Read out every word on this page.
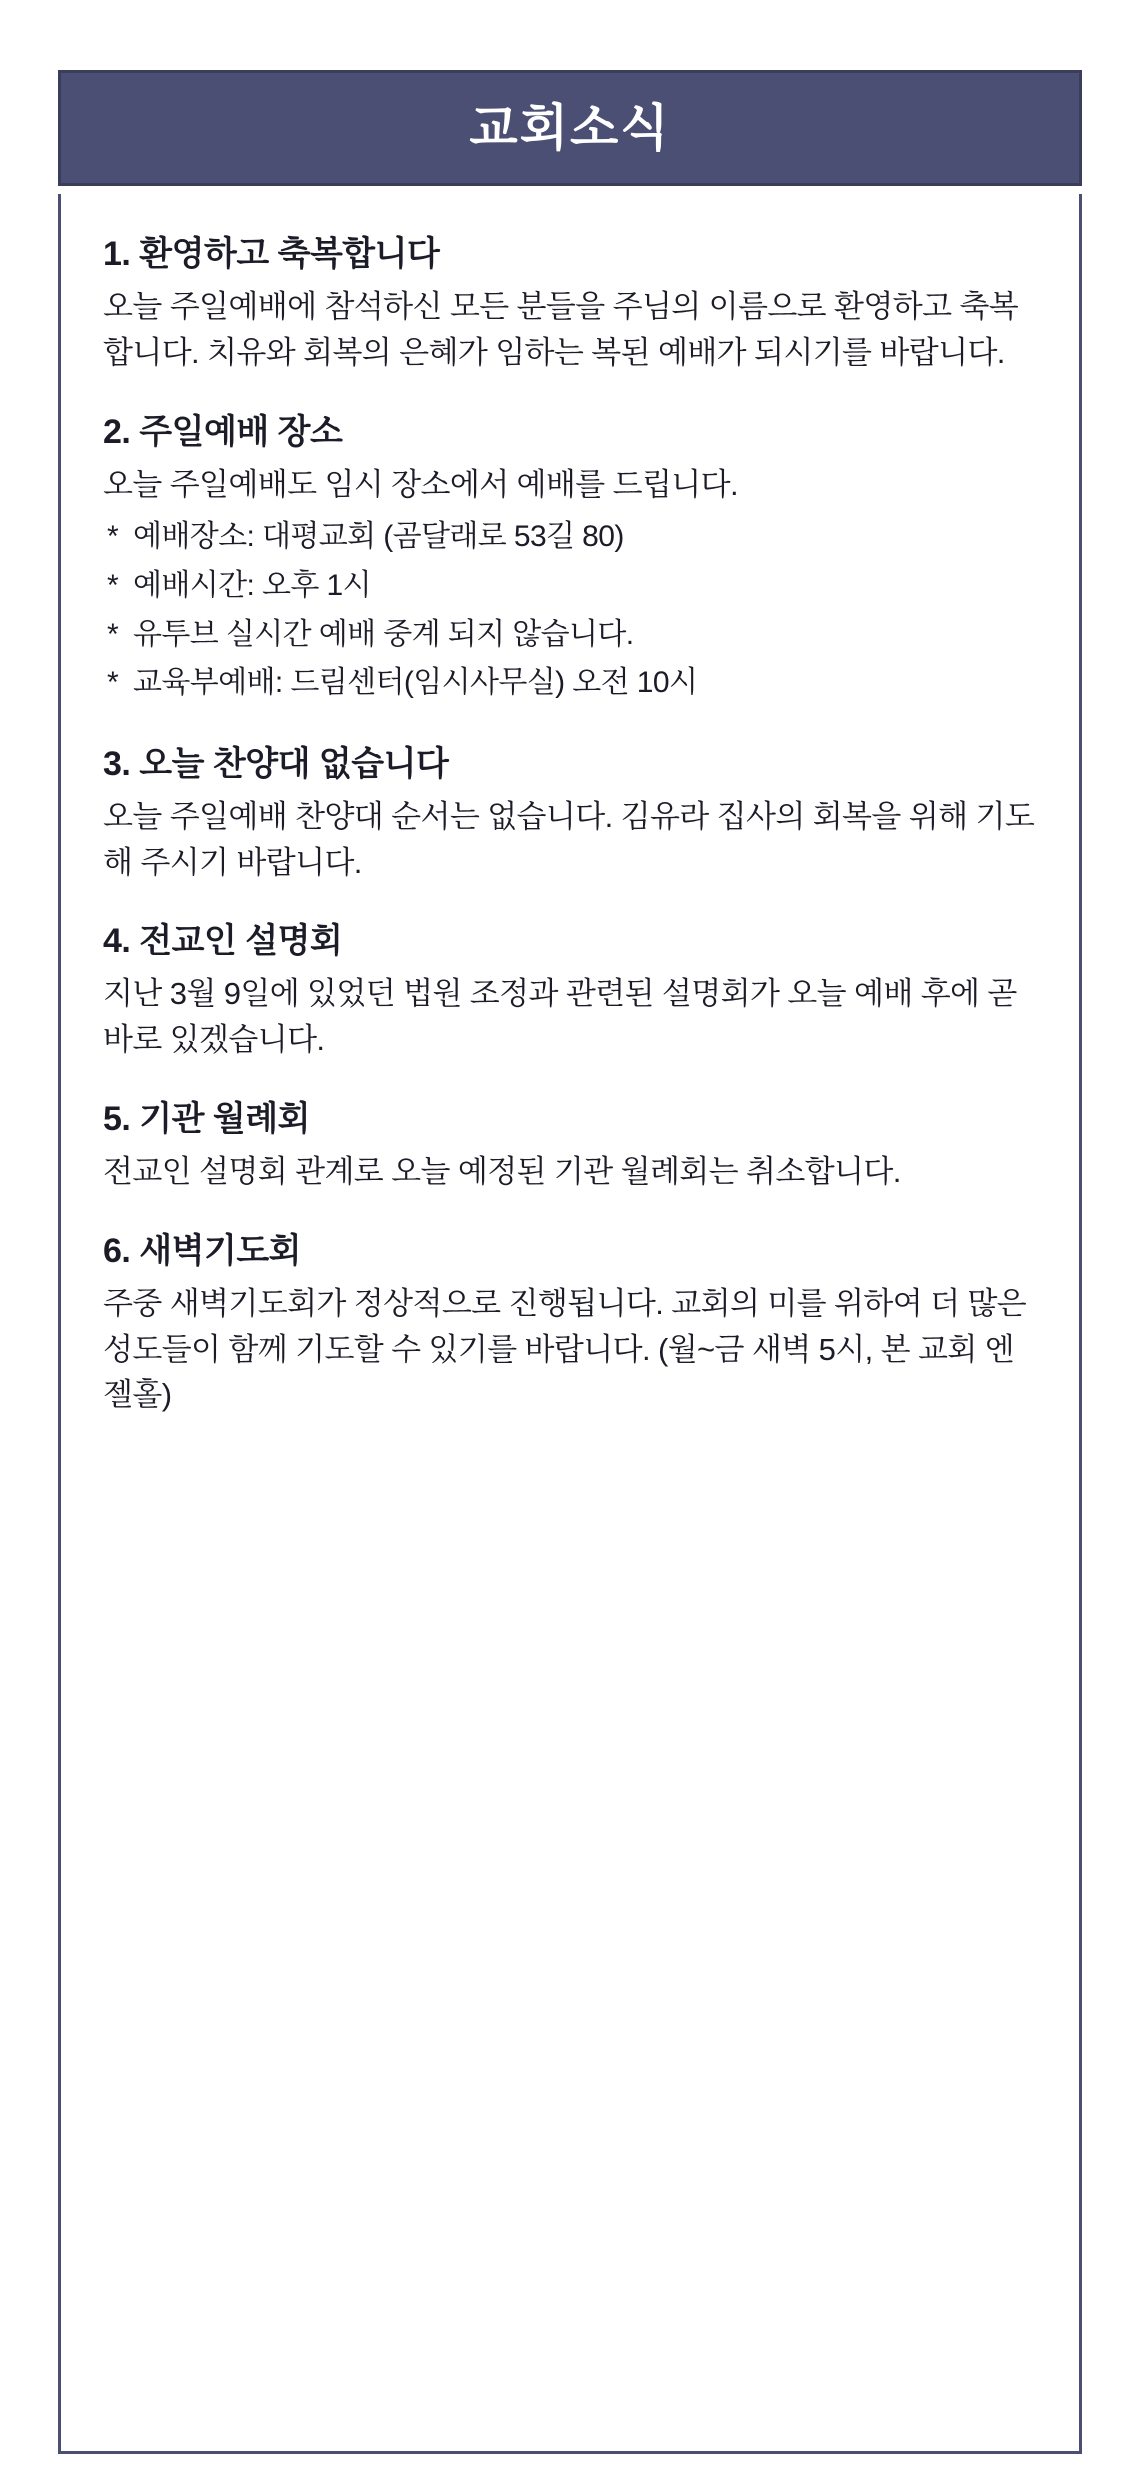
교회소식
1. 환영하고 축복합니다

오늘 주일예배에 참석하신 모든 분들을 주님의 이름으로 환영하고 축복합니다. 치유와 회복의 은혜가 임하는 복된 예배가 되시기를 바랍니다.

2. 주일예배 장소

오늘 주일예배도 임시 장소에서 예배를 드립니다.

* 예배장소: 대평교회 (곰달래로 53길 80)
* 예배시간: 오후 1시
* 유투브 실시간 예배 중계 되지 않습니다.
* 교육부예배: 드림센터(임시사무실) 오전 10시
3. 오늘 찬양대 없습니다

오늘 주일예배 찬양대 순서는 없습니다. 김유라 집사의 회복을 위해 기도해 주시기 바랍니다.

4. 전교인 설명회

지난 3월 9일에 있었던 법원 조정과 관련된 설명회가 오늘 예배 후에 곧바로 있겠습니다.

5. 기관 월례회

전교인 설명회 관계로 오늘 예정된 기관 월례회는 취소합니다.

6. 새벽기도회

주중 새벽기도회가 정상적으로 진행됩니다. 교회의 미를 위하여 더 많은 성도들이 함께 기도할 수 있기를 바랍니다. (월~금 새벽 5시, 본 교회 엔젤홀)
